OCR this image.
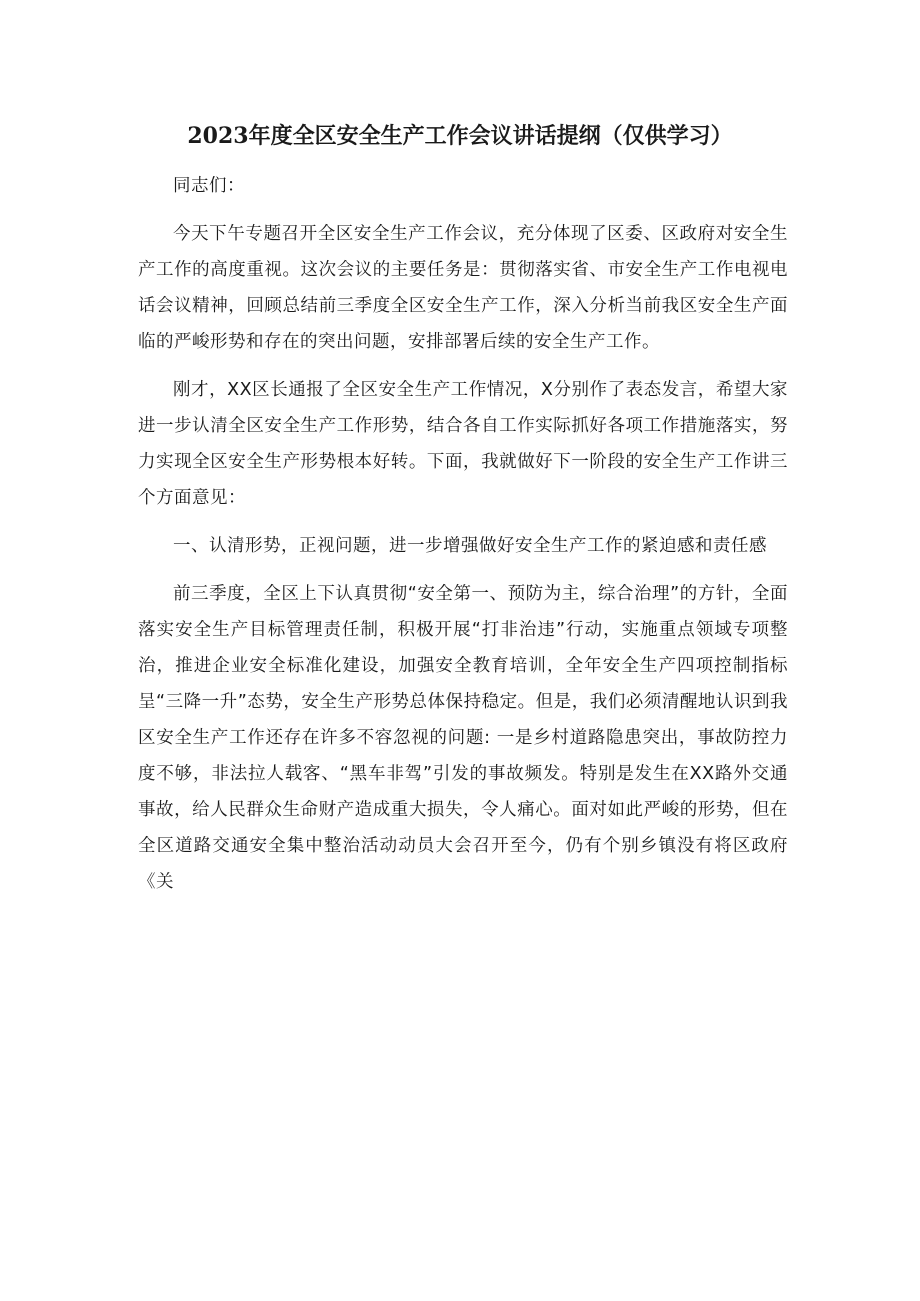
2023年度全区安全生产工作会议讲话提纲（仅供学习）

同志们：

今天下午专题召开全区安全生产工作会议，充分体现了区委、区政府对安全生产工作的高度重视。这次会议的主要任务是：贯彻落实省、市安全生产工作电视电话会议精神，回顾总结前三季度全区安全生产工作，深入分析当前我区安全生产面临的严峻形势和存在的突出问题，安排部署后续的安全生产工作。

刚才，XX区长通报了全区安全生产工作情况，X分别作了表态发言，希望大家进一步认清全区安全生产工作形势，结合各自工作实际抓好各项工作措施落实，努力实现全区安全生产形势根本好转。下面，我就做好下一阶段的安全生产工作讲三个方面意见：

一、认清形势，正视问题，进一步增强做好安全生产工作的紧迫感和责任感

前三季度，全区上下认真贯彻“安全第一、预防为主，综合治理”的方针，全面落实安全生产目标管理责任制，积极开展“打非治违”行动，实施重点领域专项整治，推进企业安全标准化建设，加强安全教育培训，全年安全生产四项控制指标呈“三降一升”态势，安全生产形势总体保持稳定。但是，我们必须清醒地认识到我区安全生产工作还存在许多不容忽视的问题: 一是乡村道路隐患突出，事故防控力度不够，非法拉人载客、“黑车非驾”引发的事故频发。特别是发生在XX路外交通事故，给人民群众生命财产造成重大损失，令人痛心。面对如此严峻的形势，但在全区道路交通安全集中整治活动动员大会召开至今，仍有个别乡镇没有将区政府《关
